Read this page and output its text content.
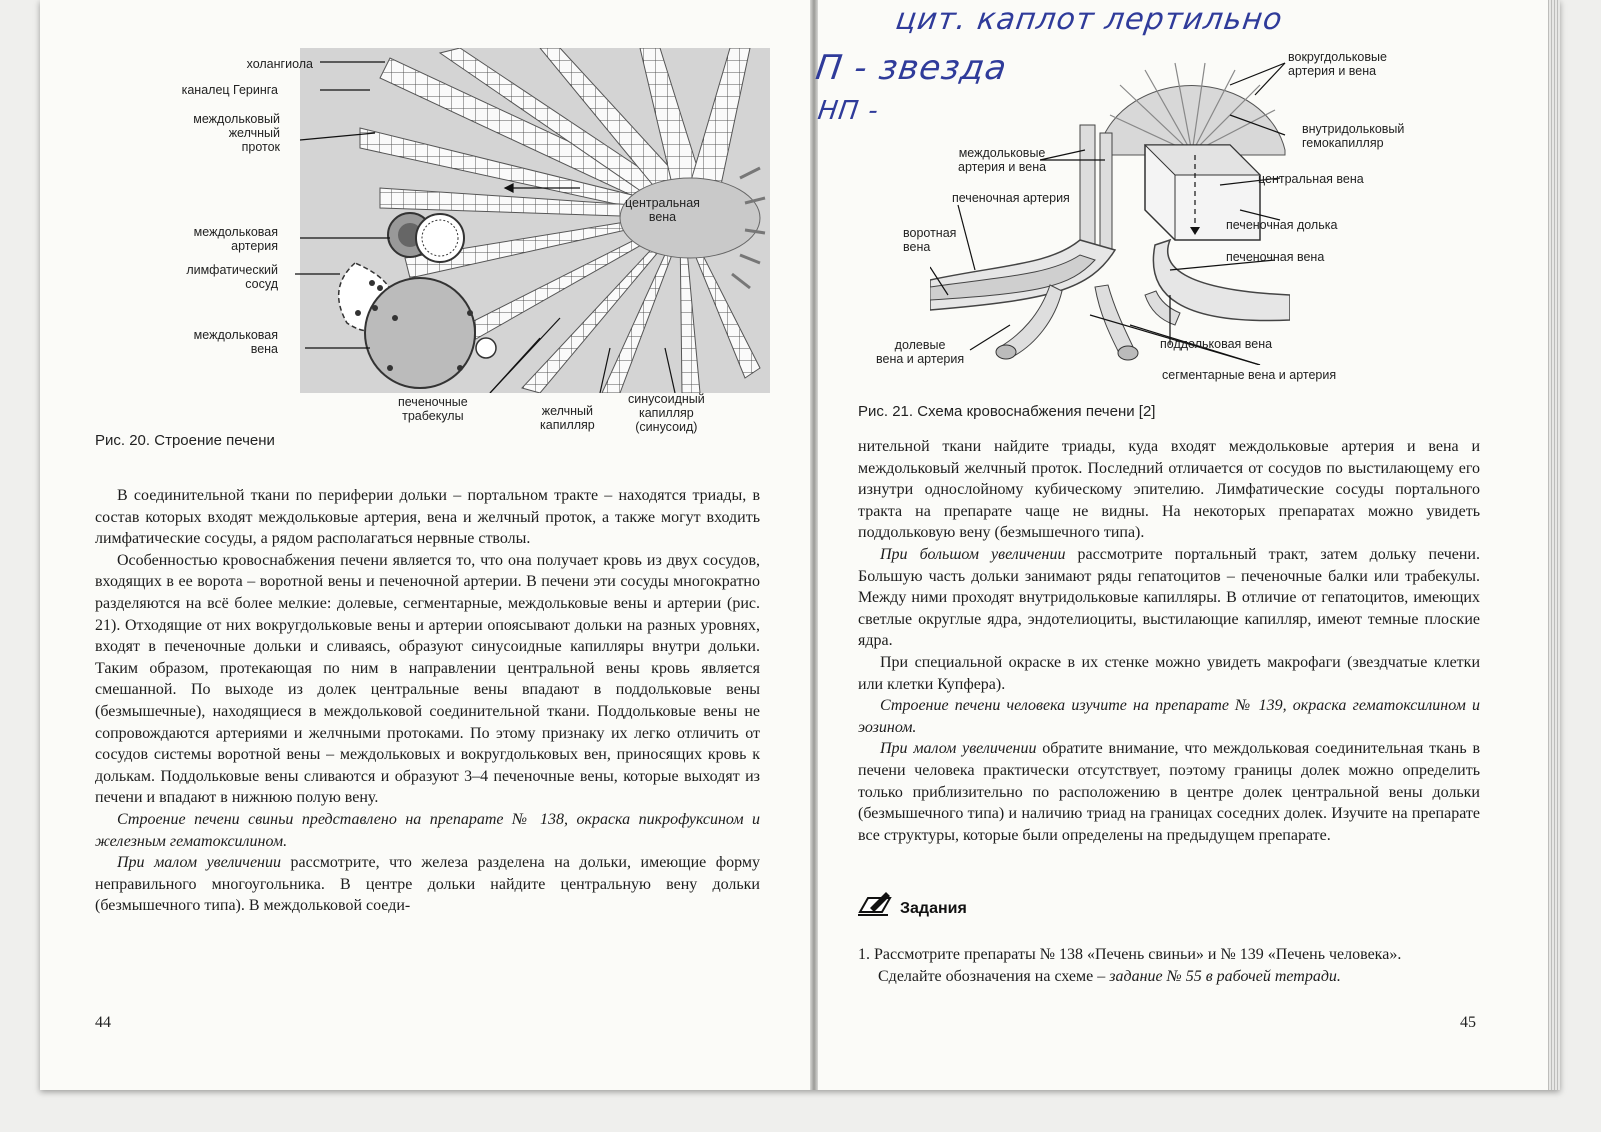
холангиола
каналец Геринга
междольковый
желчный
проток
центральная
вена
междольковая
артерия
лимфатический
сосуд
междольковая
вена
печеночные
трабекулы	желчный
капилляр
синусоидный
капилляр
(синусоид)
Рис. 20. Строение печени

В соединительной ткани по периферии дольки – портальном тракте – находятся триады, в состав которых входят междольковые артерия, вена и желчный проток, а также могут входить лимфатические сосуды, а рядом располагаться нервные стволы.

Особенностью кровоснабжения печени является то, что она получает кровь из двух сосудов, входящих в ее ворота – воротной вены и печеночной артерии. В печени эти сосуды многократно разделяются на всё более мелкие: долевые, сегментарные, междольковые вены и артерии (рис. 21). Отходящие от них вокругдольковые вены и артерии опоясывают дольки на разных уровнях, входят в печеночные дольки и сливаясь, образуют синусоидные капилляры внутри дольки. Таким образом, протекающая по ним в направлении центральной вены кровь является смешанной. По выходе из долек центральные вены впадают в поддольковые вены (безмышечные), находящиеся в междольковой соединительной ткани. Поддольковые вены не сопровождаются артериями и желчными протоками. По этому признаку их легко отличить от сосудов системы воротной вены – междольковых и вокругдольковых вен, приносящих кровь к долькам. Поддольковые вены сливаются и образуют 3–4 печеночные вены, которые выходят из печени и впадают в нижнюю полую вену.

Строение печени свиньи представлено на препарате № 138, окраска пикрофуксином и железным гематоксилином.

При малом увеличении рассмотрите, что железа разделена на дольки, имеющие форму неправильного многоугольника. В центре дольки найдите центральную вену дольки (безмышечного типа). В междольковой соеди-

44
цит. каплот лертильно
П - звезда
НП -
вокругдольковые
артерия и вена
внутридольковый
гемокапилляр
междольковые
артерия и вена
центральная вена
печеночная артерия
печеночная долька
воротная
вена
печеночная вена
долевые
вена и артерия
поддольковая вена
сегментарные вена и артерия
Рис. 21. Схема кровоснабжения печени [2]

нительной ткани найдите триады, куда входят междольковые артерия и вена и междольковый желчный проток. Последний отличается от сосудов по выстилающему его изнутри однослойному кубическому эпителию. Лимфатические сосуды портального тракта на препарате чаще не видны. На некоторых препаратах можно увидеть поддольковую вену (безмышечного типа).

При большом увеличении рассмотрите портальный тракт, затем дольку печени. Большую часть дольки занимают ряды гепатоцитов – печеночные балки или трабекулы. Между ними проходят внутридольковые капилляры. В отличие от гепатоцитов, имеющих светлые округлые ядра, эндотелиоциты, выстилающие капилляр, имеют темные плоские ядра.

При специальной окраске в их стенке можно увидеть макрофаги (звездчатые клетки или клетки Купфера).

Строение печени человека изучите на препарате № 139, окраска гематоксилином и эозином.

При малом увеличении обратите внимание, что междольковая соединительная ткань в печени человека практически отсутствует, поэтому границы долек можно определить только приблизительно по расположению в центре долек центральной вены дольки (безмышечного типа) и наличию триад на границах соседних долек. Изучите на препарате все структуры, которые были определены на предыдущем препарате.

Задания

1. Рассмотрите препараты № 138 «Печень свиньи» и № 139 «Печень человека».

Сделайте обозначения на схеме – задание № 55 в рабочей тетради.

45
